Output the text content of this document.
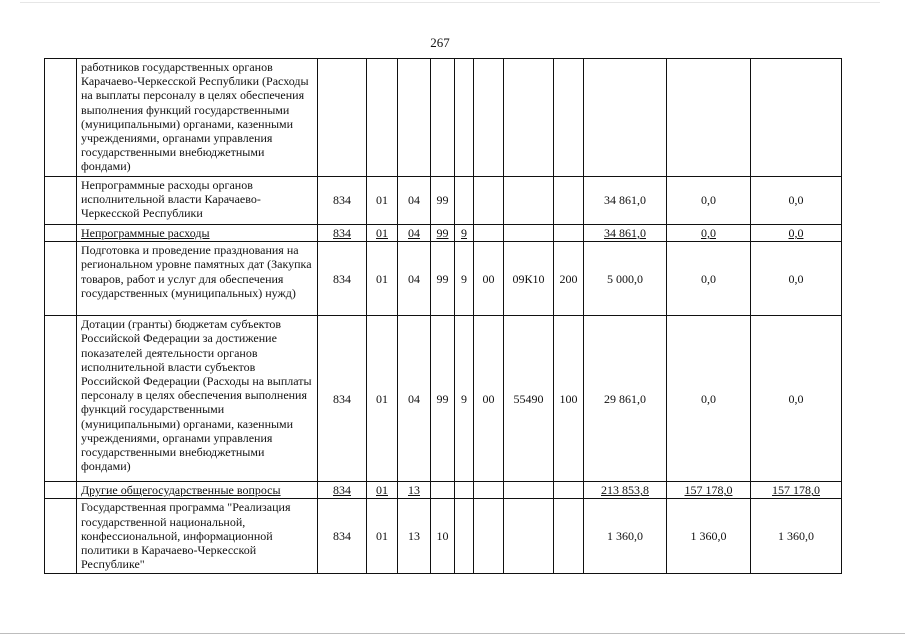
267
	работников государственных органов Карачаево-Черкесской Республики (Расходы на выплаты персоналу в целях обеспечения выполнения функций государственными (муниципальными) органами, казенными учреждениями, органами управления государственными внебюджетными фондами)											
	Непрограммные расходы органов исполнительной власти Карачаево-Черкесской Республики	834	01	04	99					34 861,0	0,0	0,0
	Непрограммные расходы	834	01	04	99	9				34 861,0	0,0	0,0
	Подготовка и проведение празднования на региональном уровне памятных дат (Закупка товаров, работ и услуг для обеспечения государственных (муниципальных) нужд)	834	01	04	99	9	00	09К10	200	5 000,0	0,0	0,0
	Дотации (гранты) бюджетам субъектов Российской Федерации за достижение показателей деятельности органов исполнительной власти субъектов Российской Федерации (Расходы на выплаты персоналу в целях обеспечения выполнения функций государственными (муниципальными) органами, казенными учреждениями, органами управления государственными внебюджетными фондами)	834	01	04	99	9	00	55490	100	29 861,0	0,0	0,0
	Другие общегосударственные вопросы	834	01	13						213 853,8	157 178,0	157 178,0
	Государственная программа "Реализация государственной национальной, конфессиональной, информационной политики в Карачаево-Черкесской Республике"	834	01	13	10					1 360,0	1 360,0	1 360,0
